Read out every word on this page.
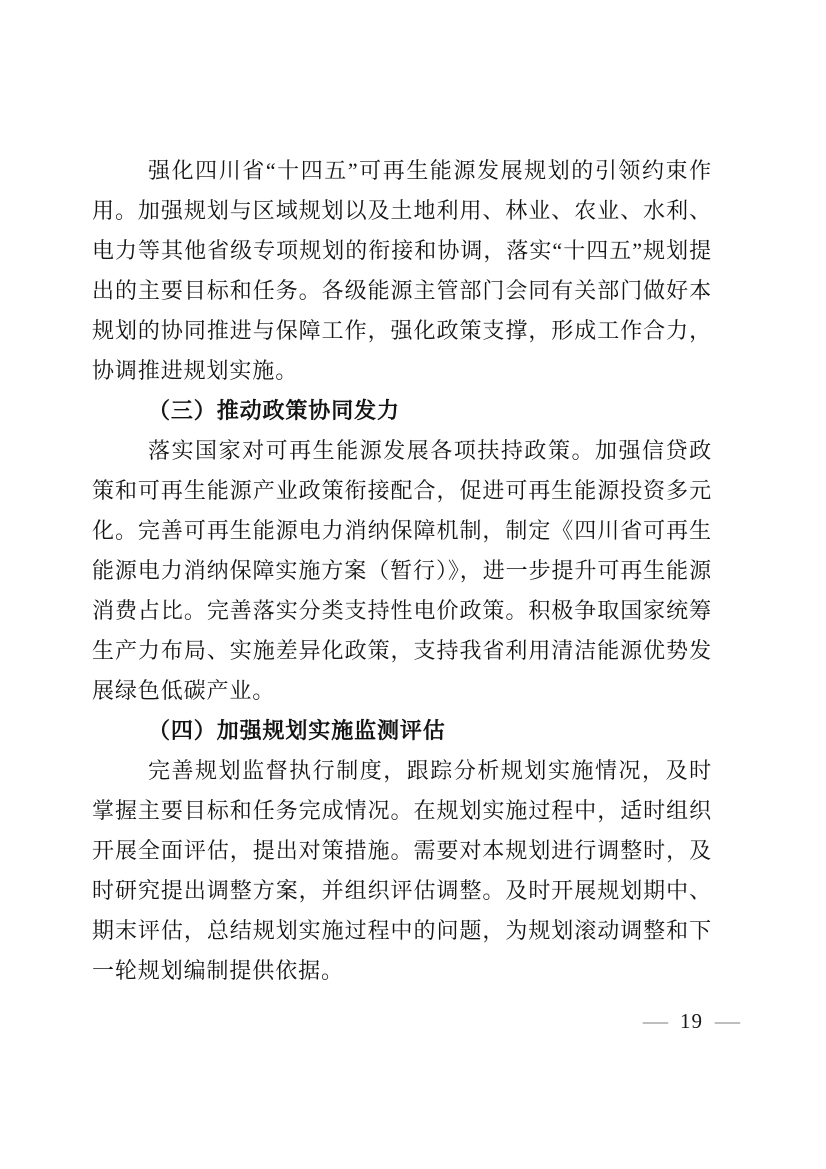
强化四川省“十四五”可再生能源发展规划的引领约束作用。加强规划与区域规划以及土地利用、林业、农业、水利、电力等其他省级专项规划的衔接和协调，落实“十四五”规划提出的主要目标和任务。各级能源主管部门会同有关部门做好本规划的协同推进与保障工作，强化政策支撑，形成工作合力，协调推进规划实施。

（三）推动政策协同发力

落实国家对可再生能源发展各项扶持政策。加强信贷政策和可再生能源产业政策衔接配合，促进可再生能源投资多元化。完善可再生能源电力消纳保障机制，制定《四川省可再生能源电力消纳保障实施方案（暂行）》，进一步提升可再生能源消费占比。完善落实分类支持性电价政策。积极争取国家统筹生产力布局、实施差异化政策，支持我省利用清洁能源优势发展绿色低碳产业。

（四）加强规划实施监测评估

完善规划监督执行制度，跟踪分析规划实施情况，及时掌握主要目标和任务完成情况。在规划实施过程中，适时组织开展全面评估，提出对策措施。需要对本规划进行调整时，及时研究提出调整方案，并组织评估调整。及时开展规划期中、期末评估，总结规划实施过程中的问题，为规划滚动调整和下一轮规划编制提供依据。

— 19 —
